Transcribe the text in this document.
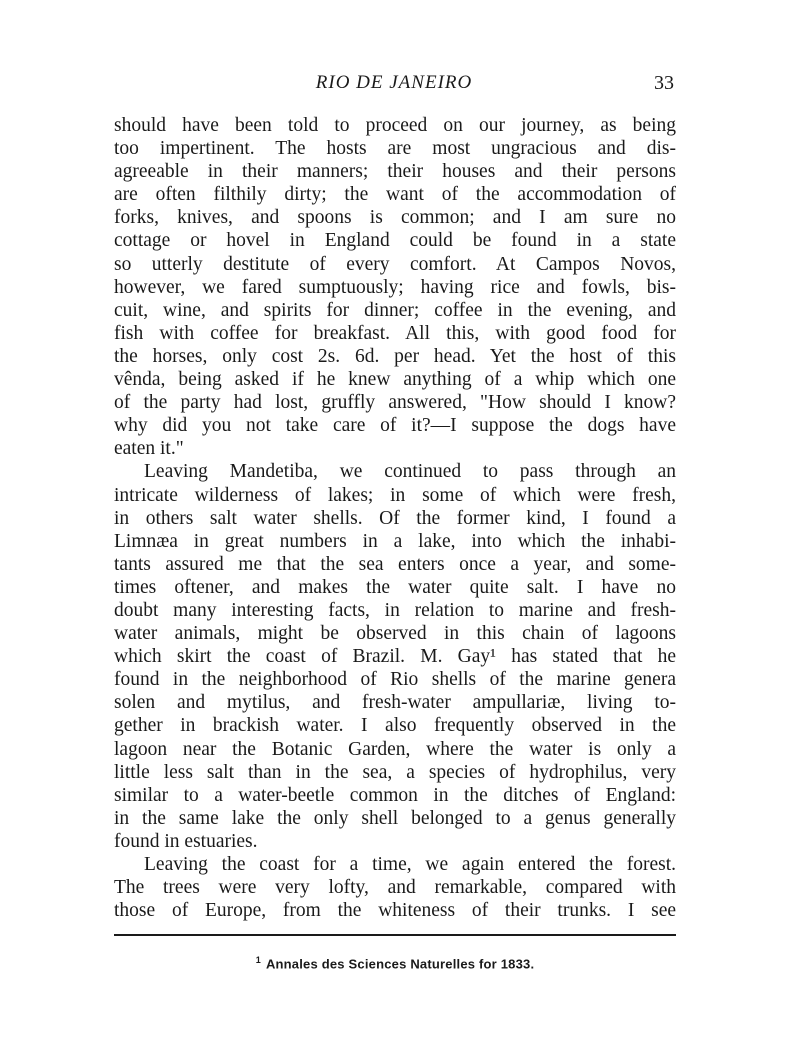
RIO DE JANEIRO	33
should have been told to proceed on our journey, as being
too impertinent. The hosts are most ungracious and dis-
agreeable in their manners; their houses and their persons
are often filthily dirty; the want of the accommodation of
forks, knives, and spoons is common; and I am sure no
cottage or hovel in England could be found in a state
so utterly destitute of every comfort. At Campos Novos,
however, we fared sumptuously; having rice and fowls, bis-
cuit, wine, and spirits for dinner; coffee in the evening, and
fish with coffee for breakfast. All this, with good food for
the horses, only cost 2s. 6d. per head. Yet the host of this
vênda, being asked if he knew anything of a whip which one
of the party had lost, gruffly answered, "How should I know?
why did you not take care of it?—I suppose the dogs have
eaten it."
Leaving Mandetiba, we continued to pass through an
intricate wilderness of lakes; in some of which were fresh,
in others salt water shells. Of the former kind, I found a
Limnæa in great numbers in a lake, into which the inhabi-
tants assured me that the sea enters once a year, and some-
times oftener, and makes the water quite salt. I have no
doubt many interesting facts, in relation to marine and fresh-
water animals, might be observed in this chain of lagoons
which skirt the coast of Brazil. M. Gay¹ has stated that he
found in the neighborhood of Rio shells of the marine genera
solen and mytilus, and fresh-water ampullariæ, living to-
gether in brackish water. I also frequently observed in the
lagoon near the Botanic Garden, where the water is only a
little less salt than in the sea, a species of hydrophilus, very
similar to a water-beetle common in the ditches of England:
in the same lake the only shell belonged to a genus generally
found in estuaries.
Leaving the coast for a time, we again entered the forest.
The trees were very lofty, and remarkable, compared with
those of Europe, from the whiteness of their trunks. I see
$^1$ Annales des Sciences Naturelles for 1833.
